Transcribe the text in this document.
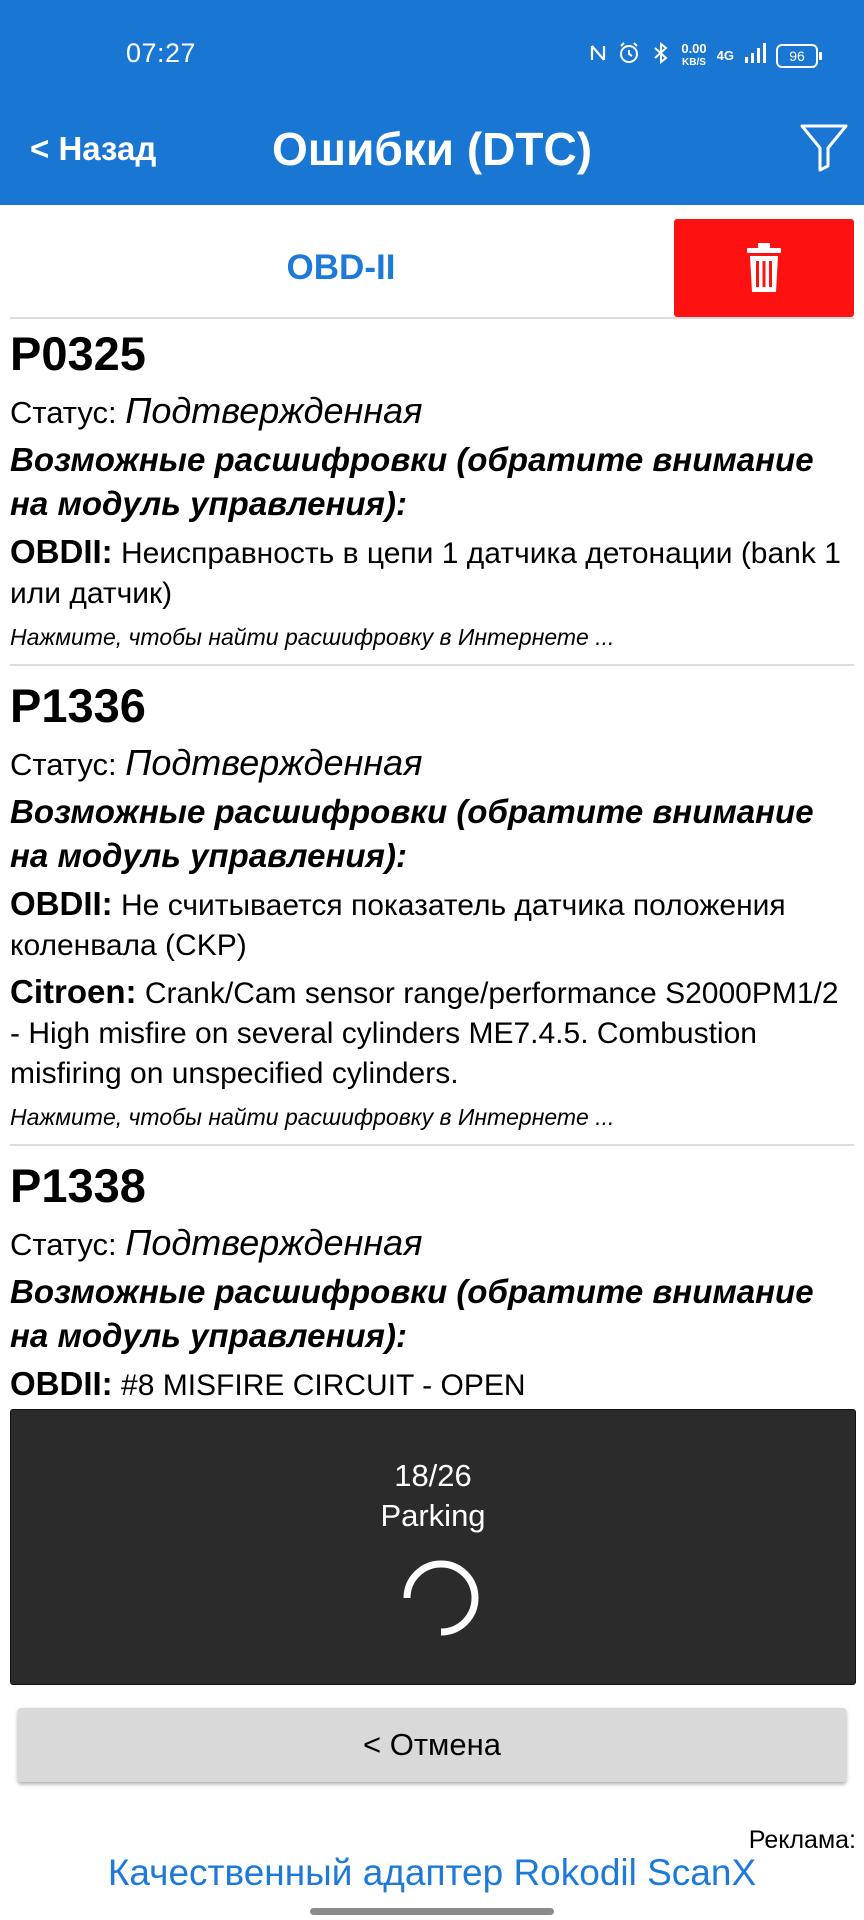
07:27	0.00
KB/S 4G	96
< Назад	Ошибки (DTC)
OBD-II
P0325
Статус: Подтвержденная
Возможные расшифровки (обратите внимание на модуль управления):
OBDII: Неисправность в цепи 1 датчика детонации (bank 1 или датчик)
Нажмите, чтобы найти расшифровку в Интернете ...
P1336
Статус: Подтвержденная
Возможные расшифровки (обратите внимание на модуль управления):
OBDII: Не считывается показатель датчика положения коленвала (CKP)
Citroen: Crank/Cam sensor range/performance S2000PM1/2 - High misfire on several cylinders ME7.4.5. Combustion misfiring on unspecified cylinders.
Нажмите, чтобы найти расшифровку в Интернете ...
P1338
Статус: Подтвержденная
Возможные расшифровки (обратите внимание на модуль управления):
OBDII: #8 MISFIRE CIRCUIT - OPEN
18/26
Parking
< Отмена
Реклама:
Качественный адаптер Rokodil ScanX
